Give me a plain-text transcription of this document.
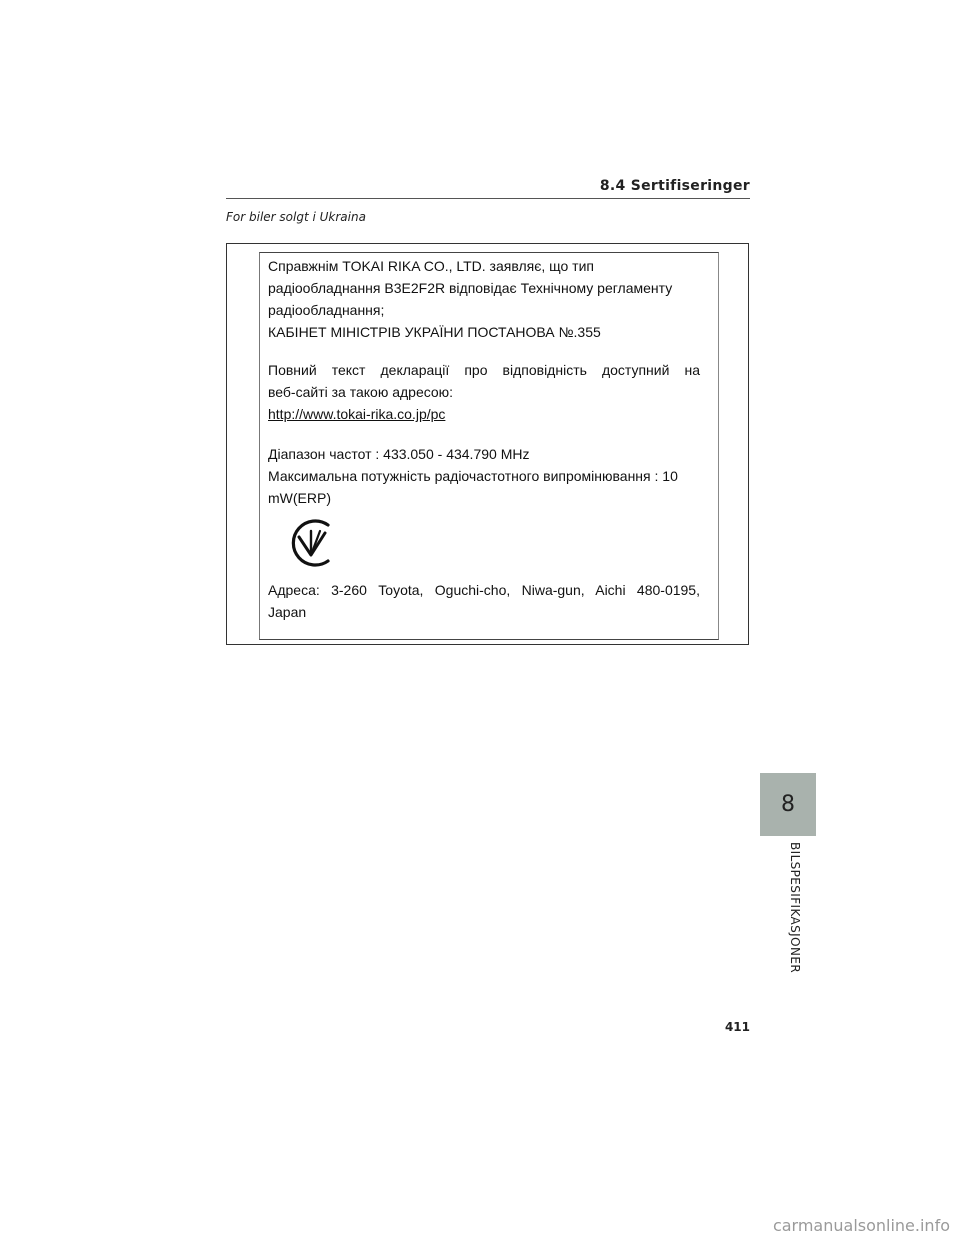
8.4 Sertifiseringer
For biler solgt i Ukraina
Справжнім TOKAI RIKA CO., LTD. заявляє, що тип
радіообладнання B3E2F2R відповідає Технічному регламенту
радіообладнання;
КАБІНЕТ МІНІСТРІВ УКРАЇНИ ПОСТАНОВА №.355
Повний текст декларації про відповідність доступний на
веб-сайті за такою адресою:
http://www.tokai-rika.co.jp/pc
Діапазон частот : 433.050 - 434.790 MHz
Максимальна потужність радіочастотного випромінювання : 10
mW(ERP)
Адреса: 3-260 Toyota, Oguchi-cho, Niwa-gun, Aichi 480-0195,
Japan
8
BILSPESIFIKASJONER
411
carmanualsonline.info
